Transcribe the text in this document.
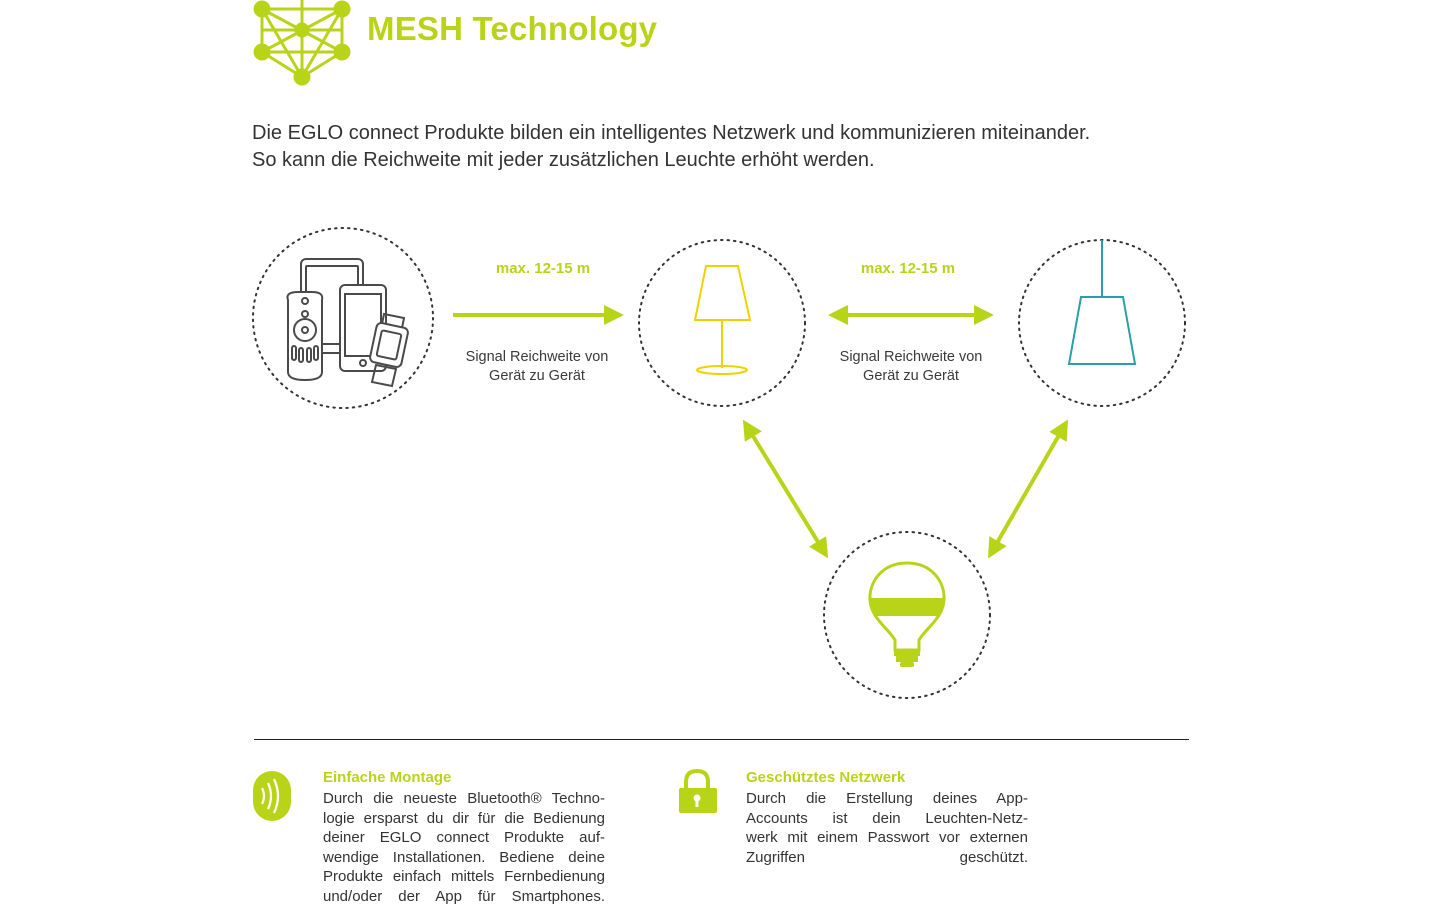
MESH Technology
Die EGLO connect Produkte bilden ein intelligentes Netzwerk und kommunizieren miteinander.
So kann die Reichweite mit jeder zusätzlichen Leuchte erhöht werden.
max. 12-15 m
Signal Reichweite von
Gerät zu Gerät
max. 12-15 m
Signal Reichweite von
Gerät zu Gerät
Einfache Montage
Durch die neueste Bluetooth® Techno-
logie ersparst du dir für die Bedienung
deiner EGLO connect Produkte auf-
wendige Installationen. Bediene deine
Produkte einfach mittels Fernbedienung
und/oder der App für Smartphones.
Geschütztes Netzwerk
Durch die Erstellung deines App-
Accounts ist dein Leuchten-Netz-
werk mit einem Passwort vor externen
Zugriffen geschützt.
